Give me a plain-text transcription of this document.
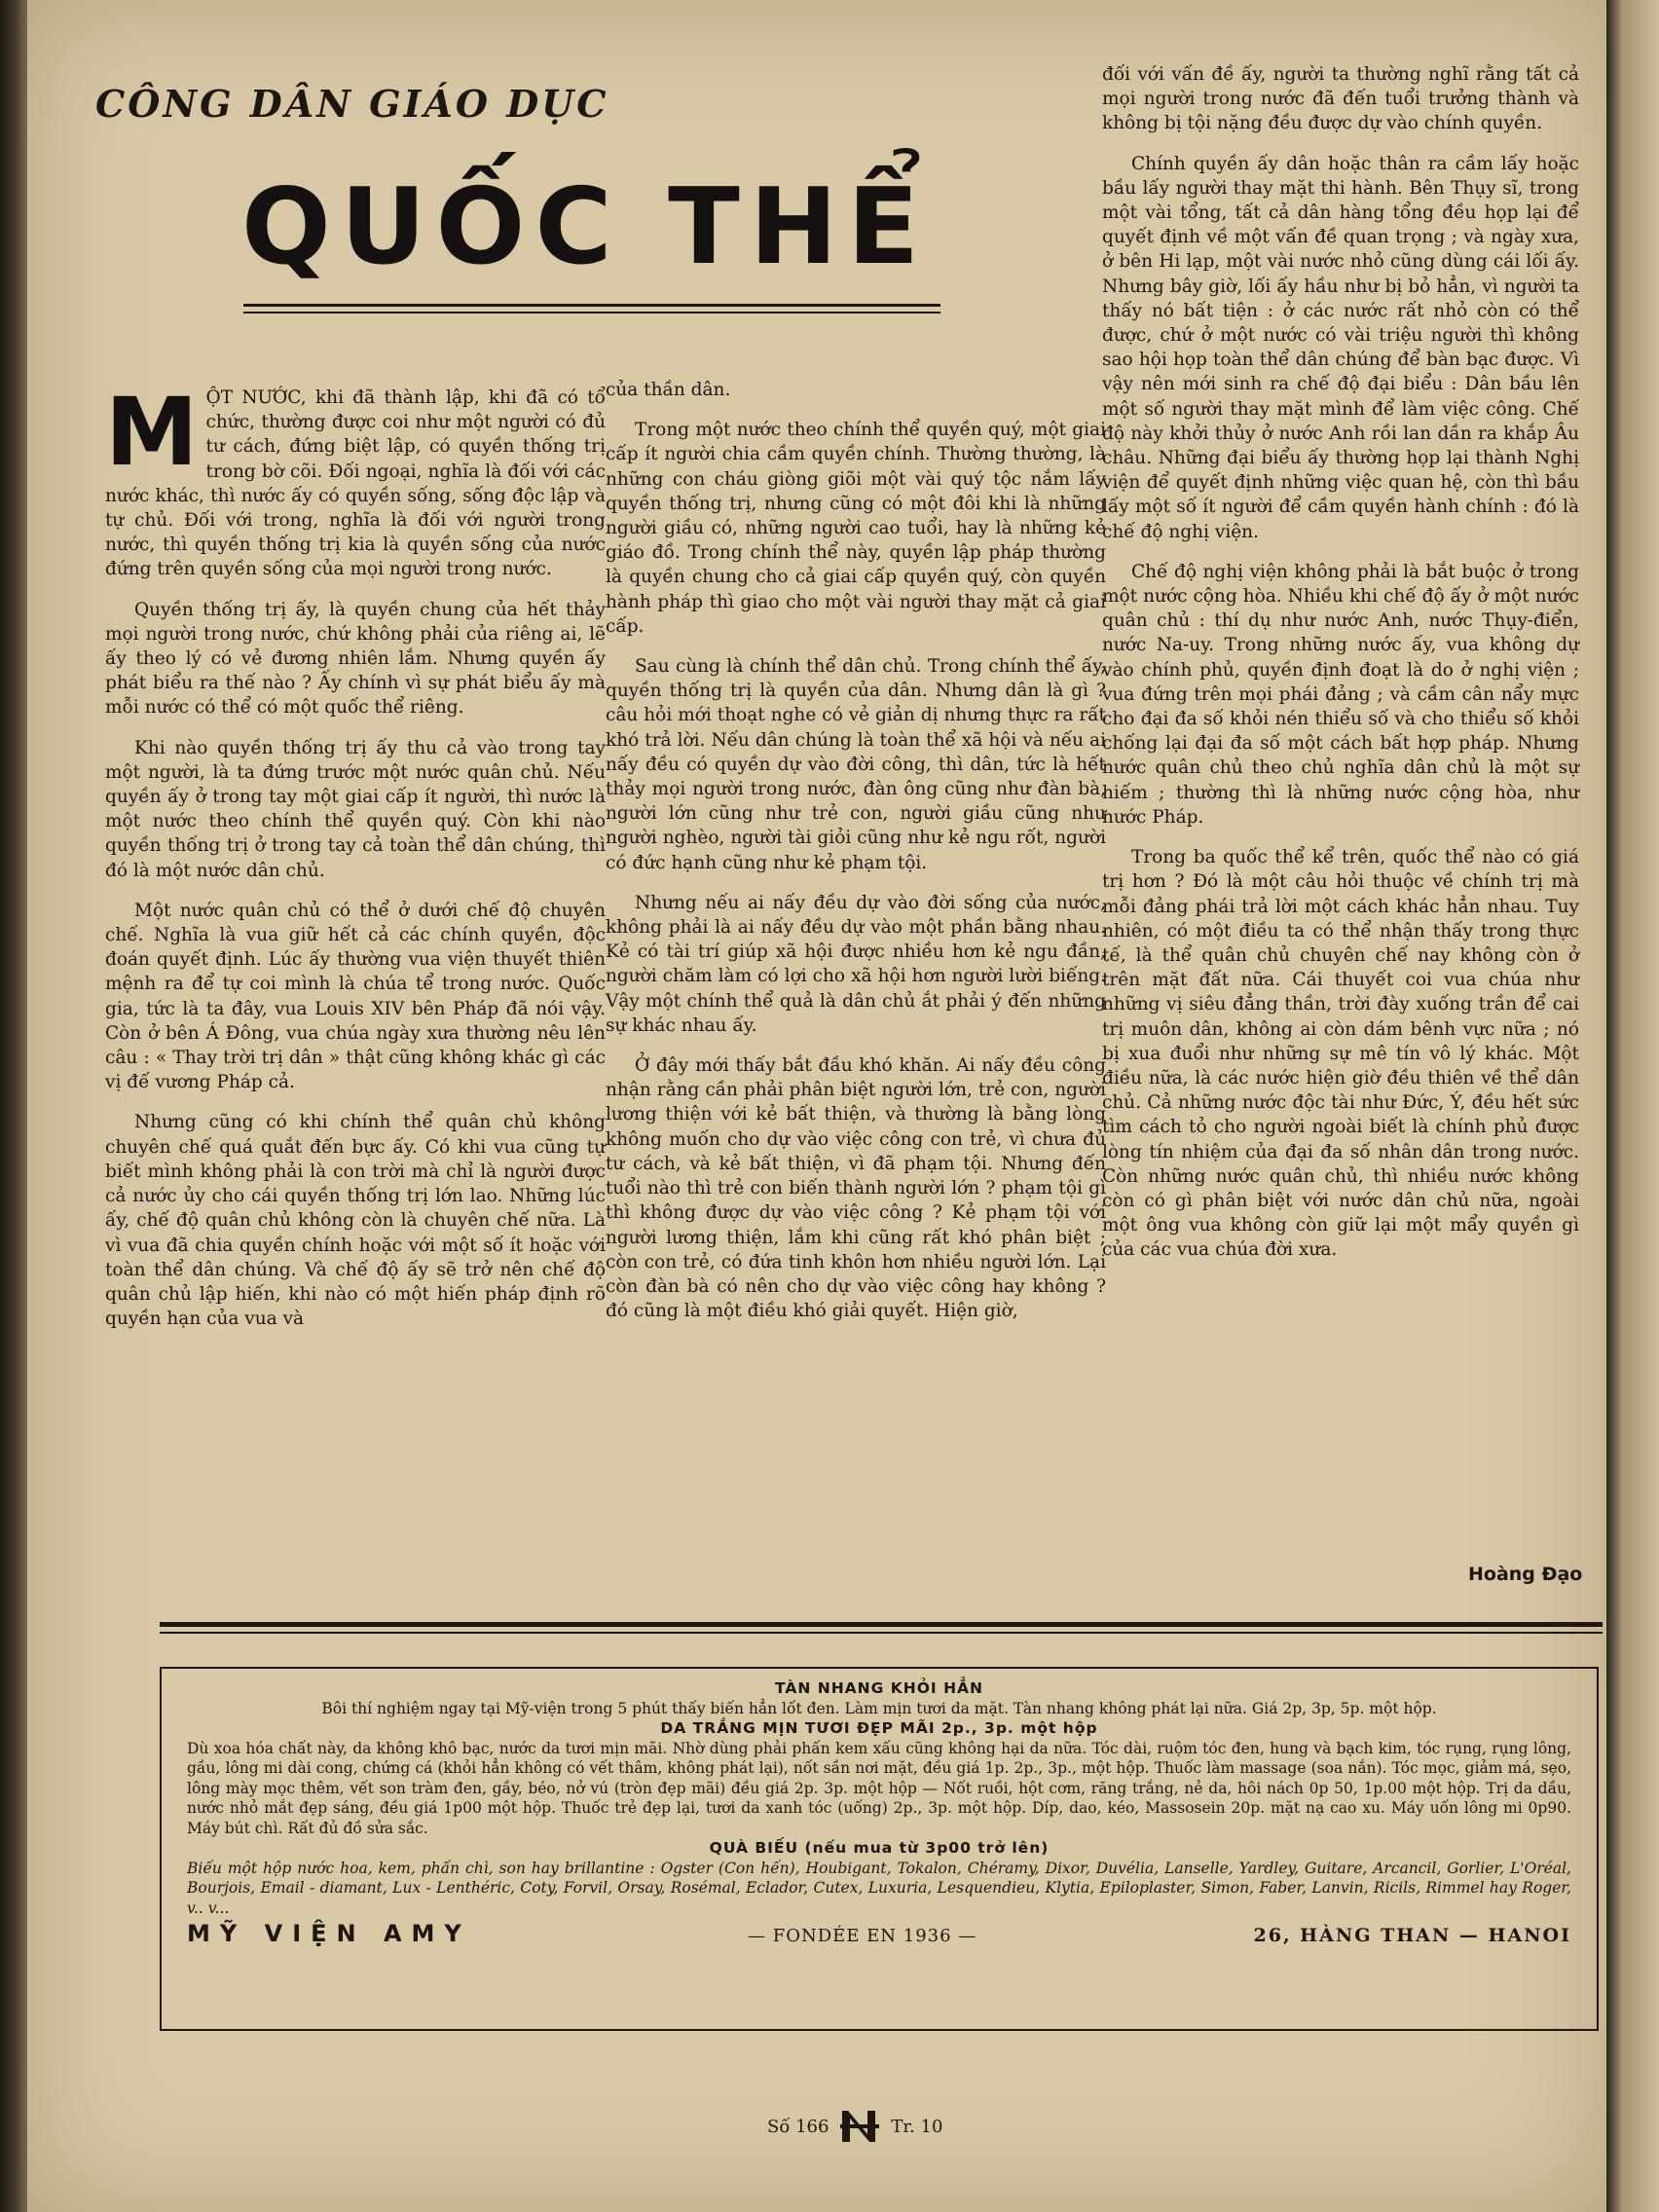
CÔNG DÂN GIÁO DỤC
QUỐC THỂ

MỘT NƯỚC, khi đã thành lập, khi đã có tổ chức, thường được coi như một người có đủ tư cách, đứng biệt lập, có quyền thống trị trong bờ cõi. Đối ngoại, nghĩa là đối với các nước khác, thì nước ấy có quyền sống, sống độc lập và tự chủ. Đối với trong, nghĩa là đối với người trong nước, thì quyền thống trị kia là quyền sống của nước đứng trên quyền sống của mọi người trong nước.

Quyền thống trị ấy, là quyền chung của hết thảy mọi người trong nước, chứ không phải của riêng ai, lẽ ấy theo lý có vẻ đương nhiên lắm. Nhưng quyền ấy phát biểu ra thế nào ? Ấy chính vì sự phát biểu ấy mà mỗi nước có thể có một quốc thể riêng.

Khi nào quyền thống trị ấy thu cả vào trong tay một người, là ta đứng trước một nước quân chủ. Nếu quyền ấy ở trong tay một giai cấp ít người, thì nước là một nước theo chính thể quyền quý. Còn khi nào quyền thống trị ở trong tay cả toàn thể dân chúng, thì đó là một nước dân chủ.

Một nước quân chủ có thể ở dưới chế độ chuyên chế. Nghĩa là vua giữ hết cả các chính quyền, độc đoán quyết định. Lúc ấy thường vua viện thuyết thiên mệnh ra để tự coi mình là chúa tể trong nước. Quốc gia, tức là ta đây, vua Louis XIV bên Pháp đã nói vậy. Còn ở bên Á Đông, vua chúa ngày xưa thường nêu lên câu : « Thay trời trị dân » thật cũng không khác gì các vị đế vương Pháp cả.

Nhưng cũng có khi chính thể quân chủ không chuyên chế quá quắt đến bực ấy. Có khi vua cũng tự biết mình không phải là con trời mà chỉ là người được cả nước ủy cho cái quyền thống trị lớn lao. Những lúc ấy, chế độ quân chủ không còn là chuyên chế nữa. Là vì vua đã chia quyền chính hoặc với một số ít hoặc với toàn thể dân chúng. Và chế độ ấy sẽ trở nên chế độ quân chủ lập hiến, khi nào có một hiến pháp định rõ quyền hạn của vua và

của thần dân.

Trong một nước theo chính thể quyền quý, một giai cấp ít người chia cầm quyền chính. Thường thường, là những con cháu giòng giõi một vài quý tộc nắm lấy quyền thống trị, nhưng cũng có một đôi khi là những người giầu có, những người cao tuổi, hay là những kẻ giáo đồ. Trong chính thể này, quyền lập pháp thường là quyền chung cho cả giai cấp quyền quý, còn quyền hành pháp thì giao cho một vài người thay mặt cả giai cấp.

Sau cùng là chính thể dân chủ. Trong chính thể ấy, quyền thống trị là quyền của dân. Nhưng dân là gì ? câu hỏi mới thoạt nghe có vẻ giản dị nhưng thực ra rất khó trả lời. Nếu dân chúng là toàn thể xã hội và nếu ai nấy đều có quyền dự vào đời công, thì dân, tức là hết thảy mọi người trong nước, đàn ông cũng như đàn bà, người lớn cũng như trẻ con, người giầu cũng như người nghèo, người tài giỏi cũng như kẻ ngu rốt, người có đức hạnh cũng như kẻ phạm tội.

Nhưng nếu ai nấy đều dự vào đời sống của nước, không phải là ai nấy đều dự vào một phần bằng nhau. Kẻ có tài trí giúp xã hội được nhiều hơn kẻ ngu đần, người chăm làm có lợi cho xã hội hơn người lười biếng. Vậy một chính thể quả là dân chủ ắt phải ý đến những sự khác nhau ấy.

Ở đây mới thấy bắt đầu khó khăn. Ai nấy đều công nhận rằng cần phải phân biệt người lớn, trẻ con, người lương thiện với kẻ bất thiện, và thường là bằng lòng không muốn cho dự vào việc công con trẻ, vì chưa đủ tư cách, và kẻ bất thiện, vì đã phạm tội. Nhưng đến tuổi nào thì trẻ con biến thành người lớn ? phạm tội gì thì không được dự vào việc công ? Kẻ phạm tội với người lương thiện, lắm khi cũng rất khó phân biệt ; còn con trẻ, có đứa tinh khôn hơn nhiều người lớn. Lại còn đàn bà có nên cho dự vào việc công hay không ? đó cũng là một điều khó giải quyết. Hiện giờ,

đối với vấn đề ấy, người ta thường nghĩ rằng tất cả mọi người trong nước đã đến tuổi trưởng thành và không bị tội nặng đều được dự vào chính quyền.

Chính quyền ấy dân hoặc thân ra cầm lấy hoặc bầu lấy người thay mặt thi hành. Bên Thụy sĩ, trong một vài tổng, tất cả dân hàng tổng đều họp lại để quyết định về một vấn đề quan trọng ; và ngày xưa, ở bên Hi lạp, một vài nước nhỏ cũng dùng cái lối ấy. Nhưng bây giờ, lối ấy hầu như bị bỏ hẳn, vì người ta thấy nó bất tiện : ở các nước rất nhỏ còn có thể được, chứ ở một nước có vài triệu người thì không sao hội họp toàn thể dân chúng để bàn bạc được. Vì vậy nên mới sinh ra chế độ đại biểu : Dân bầu lên một số người thay mặt mình để làm việc công. Chế độ này khởi thủy ở nước Anh rồi lan dần ra khắp Âu châu. Những đại biểu ấy thường họp lại thành Nghị viện để quyết định những việc quan hệ, còn thì bầu lấy một số ít người để cầm quyền hành chính : đó là chế độ nghị viện.

Chế độ nghị viện không phải là bắt buộc ở trong một nước cộng hòa. Nhiều khi chế độ ấy ở một nước quân chủ : thí dụ như nước Anh, nước Thụy-điển, nước Na-uy. Trong những nước ấy, vua không dự vào chính phủ, quyền định đoạt là do ở nghị viện ; vua đứng trên mọi phái đảng ; và cầm cân nẩy mực cho đại đa số khỏi nén thiểu số và cho thiểu số khỏi chống lại đại đa số một cách bất hợp pháp. Nhưng nước quân chủ theo chủ nghĩa dân chủ là một sự hiếm ; thường thì là những nước cộng hòa, như nước Pháp.

Trong ba quốc thể kể trên, quốc thể nào có giá trị hơn ? Đó là một câu hỏi thuộc về chính trị mà mỗi đảng phái trả lời một cách khác hẳn nhau. Tuy nhiên, có một điều ta có thể nhận thấy trong thực tế, là thể quân chủ chuyên chế nay không còn ở trên mặt đất nữa. Cái thuyết coi vua chúa như những vị siêu đẳng thần, trời đày xuống trần để cai trị muôn dân, không ai còn dám bênh vực nữa ; nó bị xua đuổi như những sự mê tín vô lý khác. Một điều nữa, là các nước hiện giờ đều thiên về thể dân chủ. Cả những nước độc tài như Đức, Ý, đều hết sức tìm cách tỏ cho người ngoài biết là chính phủ được lòng tín nhiệm của đại đa số nhân dân trong nước. Còn những nước quân chủ, thì nhiều nước không còn có gì phân biệt với nước dân chủ nữa, ngoài một ông vua không còn giữ lại một mẩy quyền gì của các vua chúa đời xưa.

Hoàng Đạo
TÀN NHANG KHỎI HẲN
Bôi thí nghiệm ngay tại Mỹ-viện trong 5 phút thấy biến hẳn lốt đen. Làm mịn tươi da mặt. Tàn nhang không phát lại nữa. Giá 2p, 3p, 5p. một hộp.
DA TRẮNG MỊN TƯƠI ĐẸP MÃI 2p., 3p. một hộp
Dù xoa hóa chất này, da không khô bạc, nước da tươi mịn mãi. Nhờ dùng phải phấn kem xấu cũng không hại da nữa. Tóc dài, ruộm tóc đen, hung và bạch kim, tóc rụng, rụng lông, gầu, lông mi dài cong, chứng cá (khỏi hẳn không có vết thâm, không phát lại), nốt sần nơi mặt, đều giá 1p. 2p., 3p., một hộp. Thuốc làm massage (soa nắn). Tóc mọc, giảm má, sẹo, lông mày mọc thêm, vết son tràm đen, gầy, béo, nở vú (tròn đẹp mãi) đều giá 2p. 3p. một hộp — Nốt ruồi, hột cơm, răng trắng, nẻ da, hôi nách 0p 50, 1p.00 một hộp. Trị da dầu, nước nhỏ mắt đẹp sáng, đều giá 1p00 một hộp. Thuốc trẻ đẹp lại, tươi da xanh tóc (uống) 2p., 3p. một hộp. Díp, dao, kéo, Massosein 20p. mặt nạ cao xu. Máy uốn lông mi 0p90. Máy bút chì. Rất đủ đồ sửa sắc.
QUÀ BIẾU (nếu mua từ 3p00 trở lên)
Biếu một hộp nước hoa, kem, phấn chì, son hay brillantine : Ogster (Con hến), Houbigant, Tokalon, Chéramy, Dixor, Duvélia, Lanselle, Yardley, Guitare, Arcancil, Gorlier, L'Oréal, Bourjois, Email - diamant, Lux - Lenthéric, Coty, Forvil, Orsay, Rosémal, Eclador, Cutex, Luxuria, Lesquendieu, Klytia, Epiloplaster, Simon, Faber, Lanvin, Ricils, Rimmel hay Roger, v.. v...
MỸ VIỆN AMY	— FONDÉE EN 1936 —	26, HÀNG THAN — HANOI
Số 166	Tr. 10
